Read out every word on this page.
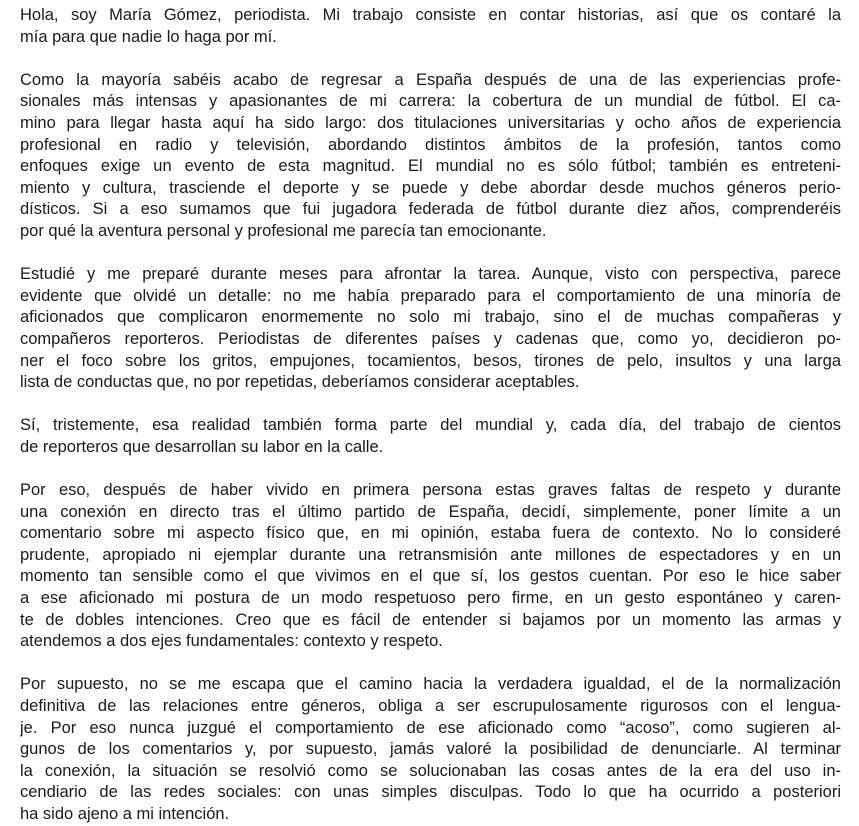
Hola, soy María Gómez, periodista. Mi trabajo consiste en contar historias, así que os contaré la
mía para que nadie lo haga por mí.
Como la mayoría sabéis acabo de regresar a España después de una de las experiencias profe-
sionales más intensas y apasionantes de mi carrera: la cobertura de un mundial de fútbol. El ca-
mino para llegar hasta aquí ha sido largo: dos titulaciones universitarias y ocho años de experiencia
profesional en radio y televisión, abordando distintos ámbitos de la profesión, tantos como
enfoques exige un evento de esta magnitud. El mundial no es sólo fútbol; también es entreteni-
miento y cultura, trasciende el deporte y se puede y debe abordar desde muchos géneros perio-
dísticos. Si a eso sumamos que fui jugadora federada de fútbol durante diez años, comprenderéis
por qué la aventura personal y profesional me parecía tan emocionante.
Estudié y me preparé durante meses para afrontar la tarea. Aunque, visto con perspectiva, parece
evidente que olvidé un detalle: no me había preparado para el comportamiento de una minoría de
aficionados que complicaron enormemente no solo mi trabajo, sino el de muchas compañeras y
compañeros reporteros. Periodistas de diferentes países y cadenas que, como yo, decidieron po-
ner el foco sobre los gritos, empujones, tocamientos, besos, tirones de pelo, insultos y una larga
lista de conductas que, no por repetidas, deberíamos considerar aceptables.
Sí, tristemente, esa realidad también forma parte del mundial y, cada día, del trabajo de cientos
de reporteros que desarrollan su labor en la calle.
Por eso, después de haber vivido en primera persona estas graves faltas de respeto y durante
una conexión en directo tras el último partido de España, decidí, simplemente, poner límite a un
comentario sobre mi aspecto físico que, en mi opinión, estaba fuera de contexto. No lo consideré
prudente, apropiado ni ejemplar durante una retransmisión ante millones de espectadores y en un
momento tan sensible como el que vivimos en el que sí, los gestos cuentan. Por eso le hice saber
a ese aficionado mi postura de un modo respetuoso pero firme, en un gesto espontáneo y caren-
te de dobles intenciones. Creo que es fácil de entender si bajamos por un momento las armas y
atendemos a dos ejes fundamentales: contexto y respeto.
Por supuesto, no se me escapa que el camino hacia la verdadera igualdad, el de la normalización
definitiva de las relaciones entre géneros, obliga a ser escrupulosamente rigurosos con el lengua-
je. Por eso nunca juzgué el comportamiento de ese aficionado como “acoso”, como sugieren al-
gunos de los comentarios y, por supuesto, jamás valoré la posibilidad de denunciarle. Al terminar
la conexión, la situación se resolvió como se solucionaban las cosas antes de la era del uso in-
cendiario de las redes sociales: con unas simples disculpas. Todo lo que ha ocurrido a posteriori
ha sido ajeno a mi intención.
